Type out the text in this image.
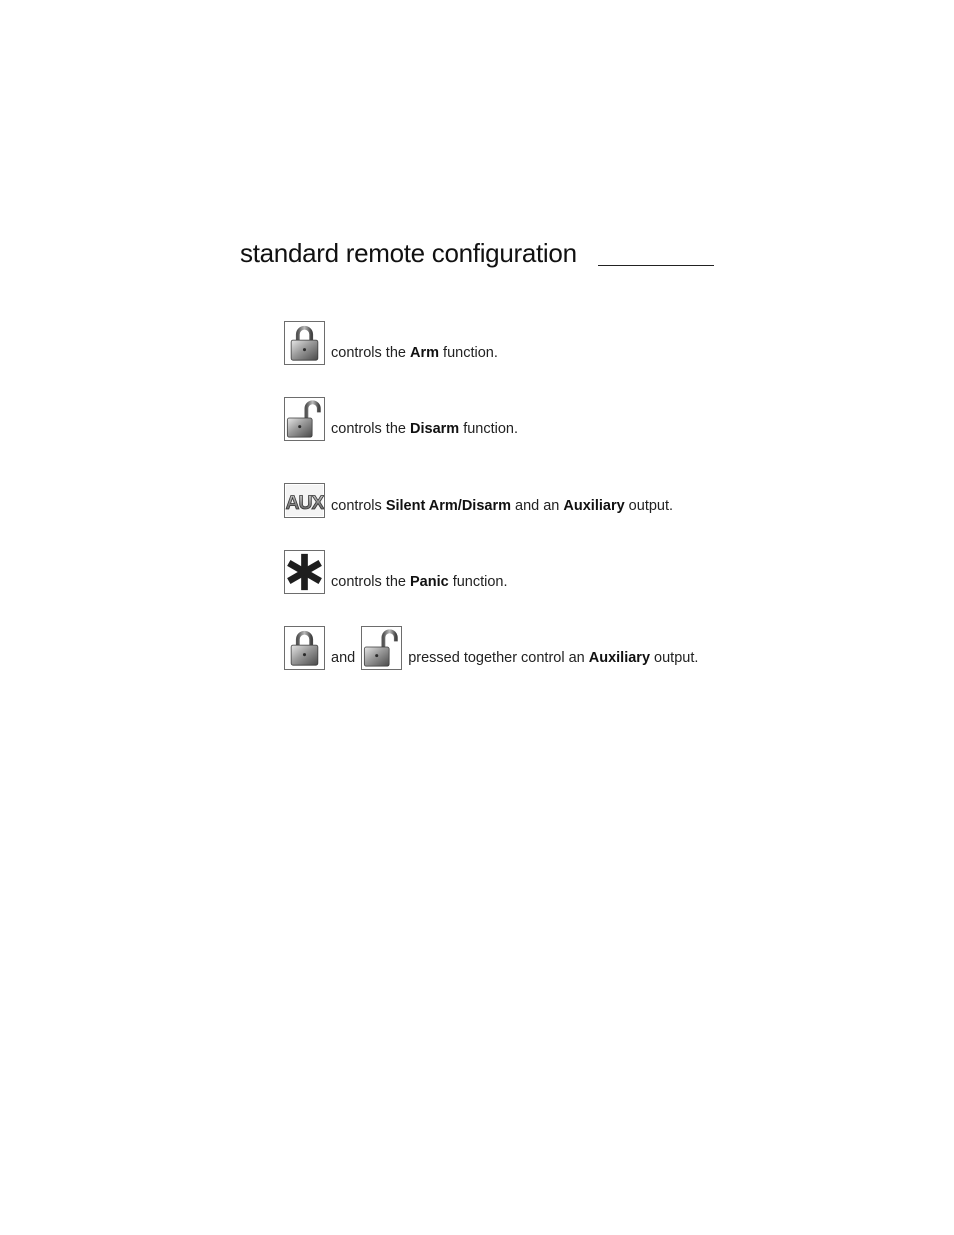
standard remote configuration
controls the Arm function.
controls the Disarm function.
AUX controls Silent Arm/Disarm and an Auxiliary output.
controls the Panic function.
and	pressed together control an Auxiliary output.
